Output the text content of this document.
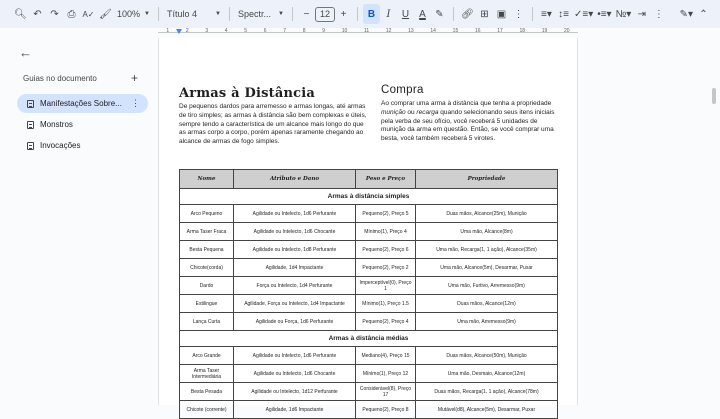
🔍︎ ↶ ↷ ⎙ A✓ 🖌︎ 100% ▼ Título 4	▼ Spectr... ▼	−	12	+	B	I	U	A ✎	🔗︎ ⊞ ▣ ⋮	≡▾ ↕≡ ✓≡▾ •≡▾ №▾ ⇥ ⋮	✎▾ ⌃
1	2	3	4	5	6	7	8	9	10	11	12	13	14	15	16	17	18	19	20
←
Guias no documento	+
Manifestações Sobre... ⋮
Monstros
Invocações
Armas à Distância
De pequenos dardos para arremesso e armas longas, até armas de tiro simples; as armas à distância são bem complexas e úteis, sempre tendo a característica de um alcance mais longo do que as armas corpo a corpo, porém apenas raramente chegando ao alcance de armas de fogo simples.
Compra
Ao comprar uma arma à distância que tenha a propriedade munição ou recarga quando selecionando seus itens iniciais pela verba de seu ofício, você receberá 5 unidades de munição da arma em questão. Então, se você comprar uma besta, você também receberá 5 virotes.
Nome	Atributo e Dano	Peso e Preço	Propriedade
Armas à distância simples			
Arco Pequeno	Agilidade ou Intelecto, 1d6 Perfurante	Pequeno(2), Preço 5	Duas mãos, Alcance(25m), Munição
Arma Taser Fraca	Agilidade ou Intelecto, 1d6 Chocante	Mínimo(1), Preço 4	Uma mão, Alcance(8m)
Besta Pequena	Agilidade ou Intelecto, 1d8 Perfurante	Pequeno(2), Preço 6	Uma mão, Recarga(1, 1 ação), Alcance(35m)
Chicote(corda)	Agilidade, 1d4 Impactante	Pequeno(2), Preço 2	Uma mão, Alcance(5m), Desarmar, Puxar
Dardo	Força ou Intelecto, 1d4 Perfurante	Imperceptível(0), Preço 1	Uma mão, Furtivo, Arremesso(9m)
Estilingue	Agilidade, Força ou Intelecto, 1d4 Impactante	Mínimo(1), Preço 1.5	Duas mãos, Alcance(12m)
Lança Curta	Agilidade ou Força, 1d6 Perfurante	Pequeno(2), Preço 4	Uma mão, Arremesso(9m)
Armas à distância médias			
Arco Grande	Agilidade ou Intelecto, 1d6 Perfurante	Mediano(4), Preço 15	Duas mãos, Alcance(50m), Munição
Arma Taser Intermediária	Agilidade ou Intelecto, 1d6 Chocante	Mínimo(1), Preço 12	Uma mão, Desmaio, Alcance(12m)
Besta Pesada	Agilidade ou Intelecto, 1d12 Perfurante	Considerável(8), Preço 17	Duas mãos, Recarga(1, 1 ação), Alcance(78m)
Chicote (corrente)	Agilidade, 1d6 Impactante	Pequeno(2), Preço 8	Mutável(d8), Alcance(5m), Desarmar, Puxar
